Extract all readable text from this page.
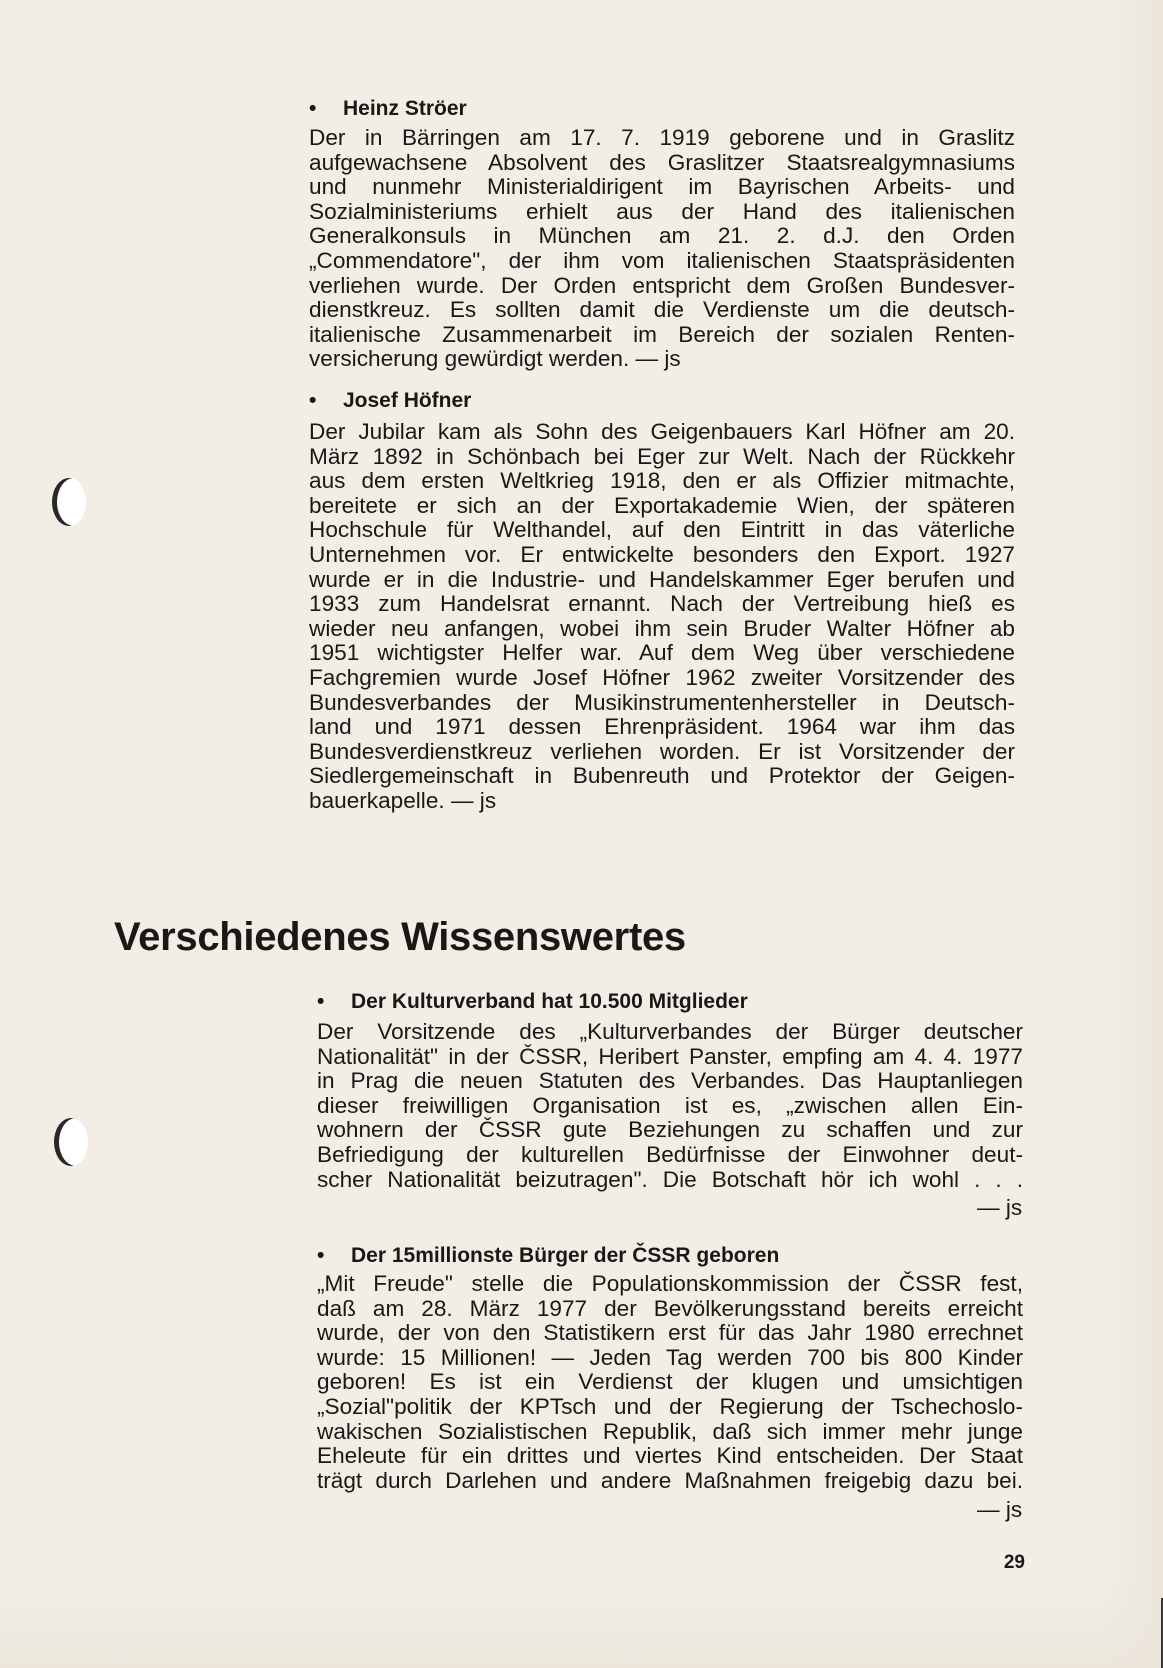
• Heinz Ströer
Der in Bärringen am 17. 7. 1919 geborene und in Graslitz
aufgewachsene Absolvent des Graslitzer Staatsrealgymnasiums
und nunmehr Ministerialdirigent im Bayrischen Arbeits- und
Sozialministeriums erhielt aus der Hand des italienischen
Generalkonsuls in München am 21. 2. d.J. den Orden
„Commendatore", der ihm vom italienischen Staatspräsidenten
verliehen wurde. Der Orden entspricht dem Großen Bundesver-
dienstkreuz. Es sollten damit die Verdienste um die deutsch-
italienische Zusammenarbeit im Bereich der sozialen Renten-
versicherung gewürdigt werden. — js
• Josef Höfner
Der Jubilar kam als Sohn des Geigenbauers Karl Höfner am 20.
März 1892 in Schönbach bei Eger zur Welt. Nach der Rückkehr
aus dem ersten Weltkrieg 1918, den er als Offizier mitmachte,
bereitete er sich an der Exportakademie Wien, der späteren
Hochschule für Welthandel, auf den Eintritt in das väterliche
Unternehmen vor. Er entwickelte besonders den Export. 1927
wurde er in die Industrie- und Handelskammer Eger berufen und
1933 zum Handelsrat ernannt. Nach der Vertreibung hieß es
wieder neu anfangen, wobei ihm sein Bruder Walter Höfner ab
1951 wichtigster Helfer war. Auf dem Weg über verschiedene
Fachgremien wurde Josef Höfner 1962 zweiter Vorsitzender des
Bundesverbandes der Musikinstrumentenhersteller in Deutsch-
land und 1971 dessen Ehrenpräsident. 1964 war ihm das
Bundesverdienstkreuz verliehen worden. Er ist Vorsitzender der
Siedlergemeinschaft in Bubenreuth und Protektor der Geigen-
bauerkapelle. — js
Verschiedenes Wissenswertes
• Der Kulturverband hat 10.500 Mitglieder
Der Vorsitzende des „Kulturverbandes der Bürger deutscher
Nationalität" in der ČSSR, Heribert Panster, empfing am 4. 4. 1977
in Prag die neuen Statuten des Verbandes. Das Hauptanliegen
dieser freiwilligen Organisation ist es, „zwischen allen Ein-
wohnern der ČSSR gute Beziehungen zu schaffen und zur
Befriedigung der kulturellen Bedürfnisse der Einwohner deut-
scher Nationalität beizutragen". Die Botschaft hör ich wohl . . .
— js
• Der 15millionste Bürger der ČSSR geboren
„Mit Freude" stelle die Populationskommission der ČSSR fest,
daß am 28. März 1977 der Bevölkerungsstand bereits erreicht
wurde, der von den Statistikern erst für das Jahr 1980 errechnet
wurde: 15 Millionen! — Jeden Tag werden 700 bis 800 Kinder
geboren! Es ist ein Verdienst der klugen und umsichtigen
„Sozial"politik der KPTsch und der Regierung der Tschechoslo-
wakischen Sozialistischen Republik, daß sich immer mehr junge
Eheleute für ein drittes und viertes Kind entscheiden. Der Staat
trägt durch Darlehen und andere Maßnahmen freigebig dazu bei.
— js
29
